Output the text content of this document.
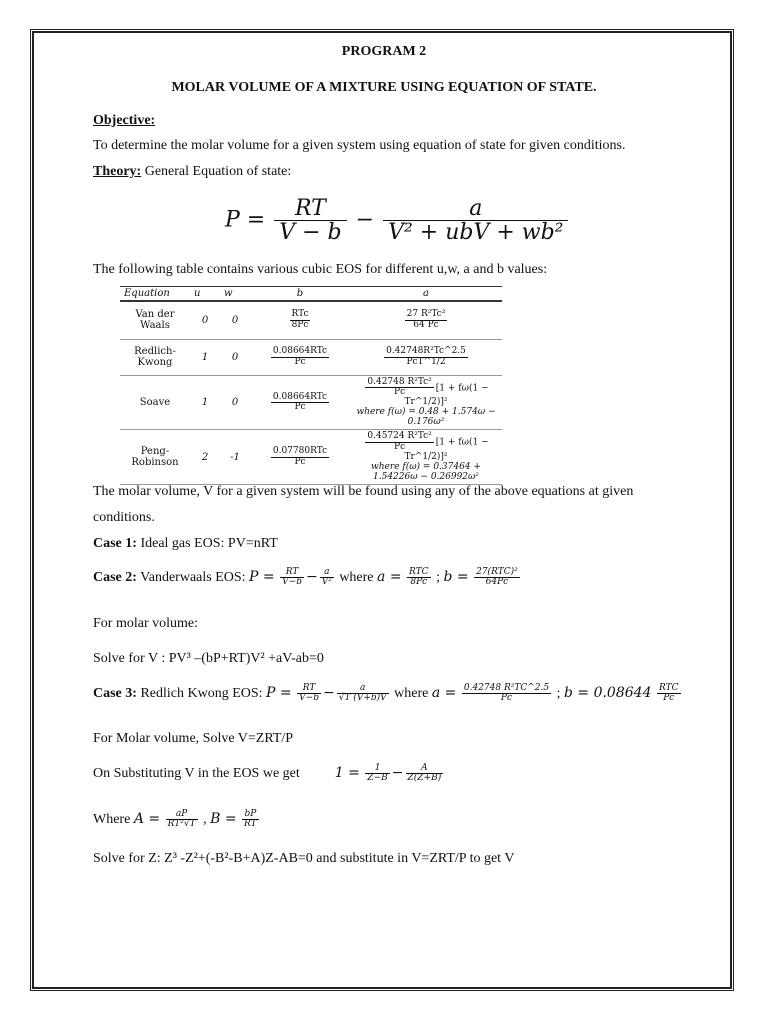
PROGRAM 2
MOLAR VOLUME OF A MIXTURE USING EQUATION OF STATE.
Objective:
To determine the molar volume for a given system using equation of state for given conditions.
Theory: General Equation of state:
$P = \frac{RT}{V - b} - \frac{a}{\text{V² + ubV + wb²}}$
The following table contains various cubic EOS for different u,w, a and b values:
Equation	u	w	b	a
Van der Waals	0	0	$\frac{\text{RTc}}{8Pc}$	$\frac{\text{27 R²Tc²}}{64 Pc}$

Redlich-Kwong	1	0	$\frac{\text{0.08664RTc}}{Pc}$	$\frac{\text{0.42748R²Tc\textasciicircum{}2.5}}{\text{PcT\textasciicircum{}1/2}}$

Soave	1	0	$\frac{\text{0.08664RTc}}{Pc}$	$\frac{\text{0.42748 R²Tc²}}{Pc} [1 + f\omega(1$ − Tr^1/2)]²
where f(ω) = 0.48 + 1.574ω − 0.176ω²
Peng-Robinson	2	-1	$\frac{\text{0.07780RTc}}{Pc}$	$\frac{\text{0.45724 R²Tc²}}{Pc} [1 + f\omega(1$ − Tr^1/2)]²
where f(ω) = 0.37464 + 1.54226ω − 0.26992ω²
The molar volume, V for a given system will be found using any of the above equations at given
conditions.
Case 1: Ideal gas EOS: PV=nRT
Case 2: Vanderwaals EOS: $P = \frac{RT}{V-b} - \frac{a}{\text{V²}}$ where $a = \frac{\text{RTC}}{8Pc}$ ; $b = \frac{\text{27(RTC)²}}{64Pc}$
For molar volume:
Solve for V : PV³ –(bP+RT)V² +aV-ab=0
Case 3: Redlich Kwong EOS: $P = \frac{RT}{V-b} - \frac{a}{√T (V+b)V}$ where $a = \frac{\text{0.42748 R²TC\textasciicircum{}2.5}}{Pc}$ ; $b = 0.08644 \frac{\text{RTC}}{Pc}$
For Molar volume, Solve V=ZRT/P
On Substituting V in the EOS we get	$1 = \frac{1}{Z-B} - \frac{A}{Z(Z+B)}$
Where $A = \frac{aP}{\text{RT²√T}}$ , $B = \frac{bP}{RT}$
Solve for Z: Z³ -Z²+(-B²-B+A)Z-AB=0 and substitute in V=ZRT/P to get V
